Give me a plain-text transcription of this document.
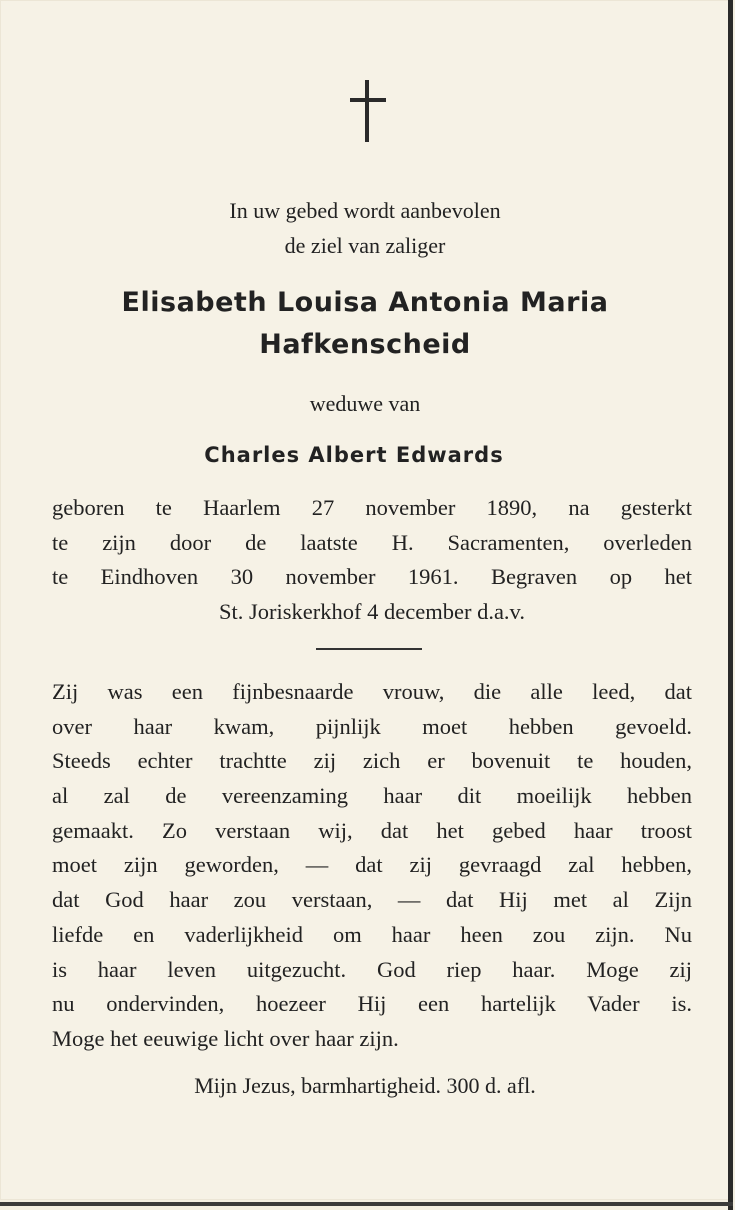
In uw gebed wordt aanbevolen
de ziel van zaliger
Elisabeth Louisa Antonia Maria
Hafkenscheid
weduwe van
Charles Albert Edwards
geboren te Haarlem 27 november 1890, na gesterkt
te zijn door de laatste H. Sacramenten, overleden
te Eindhoven 30 november 1961. Begraven op het
St. Joriskerkhof 4 december d.a.v.
Zij was een fijnbesnaarde vrouw, die alle leed, dat
over haar kwam, pijnlijk moet hebben gevoeld.
Steeds echter trachtte zij zich er bovenuit te houden,
al zal de vereenzaming haar dit moeilijk hebben
gemaakt. Zo verstaan wij, dat het gebed haar troost
moet zijn geworden, — dat zij gevraagd zal hebben,
dat God haar zou verstaan, — dat Hij met al Zijn
liefde en vaderlijkheid om haar heen zou zijn. Nu
is haar leven uitgezucht. God riep haar. Moge zij
nu ondervinden, hoezeer Hij een hartelijk Vader is.
Moge het eeuwige licht over haar zijn.
Mijn Jezus, barmhartigheid. 300 d. afl.
